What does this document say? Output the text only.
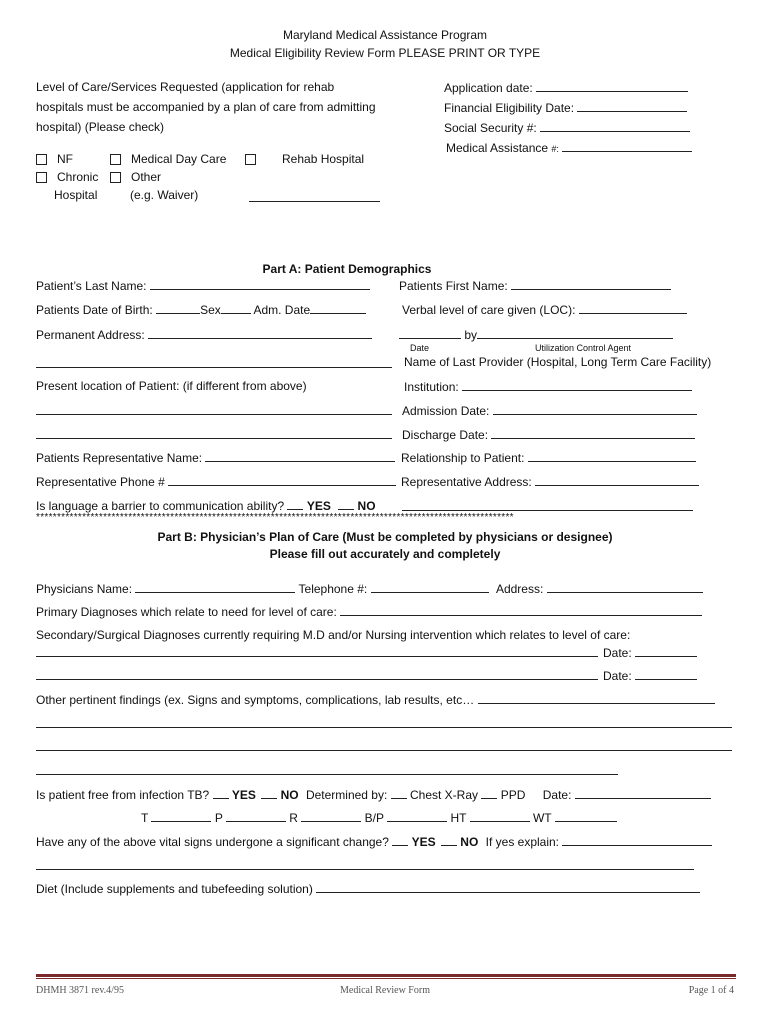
Maryland Medical Assistance Program
Medical Eligibility Review Form PLEASE PRINT OR TYPE
Level of Care/Services Requested (application for rehab
hospitals must be accompanied by a plan of care from admitting
hospital) (Please check)
NF
Chronic
Hospital
Medical Day Care
Other
(e.g. Waiver)
Rehab Hospital
Application date:
Financial Eligibility Date:
Social Security #:
Medical Assistance #:
Part A: Patient Demographics
Patient’s Last Name:	Patients First Name:
Patients Date of Birth:	Sex	Adm. Date	Verbal level of care given (LOC):
Permanent Address:	by
Date	Utilization Control Agent
Name of Last Provider (Hospital, Long Term Care Facility)
Present location of Patient: (if different from above)	Institution:
Admission Date:
Discharge Date:
Patients Representative Name:	Relationship to Patient:
Representative Phone #	Representative Address:
Is language a barrier to communication ability? YES NO
******************************************************************************************************************
Part B: Physician’s Plan of Care (Must be completed by physicians or designee)
Please fill out accurately and completely
Physicians Name:	Telephone #:	Address:
Primary Diagnoses which relate to need for level of care:
Secondary/Surgical Diagnoses currently requiring M.D and/or Nursing intervention which relates to level of care:
Date:
Date:
Other pertinent findings (ex. Signs and symptoms, complications, lab results, etc…
Is patient free from infection TB? YES NO Determined by: Chest X-Ray PPD Date:
T	P	R	B/P	HT	WT
Have any of the above vital signs undergone a significant change? YES NO If yes explain:
Diet (Include supplements and tubefeeding solution)
DHMH 3871 rev.4/95	Medical Review Form	Page 1 of 4
